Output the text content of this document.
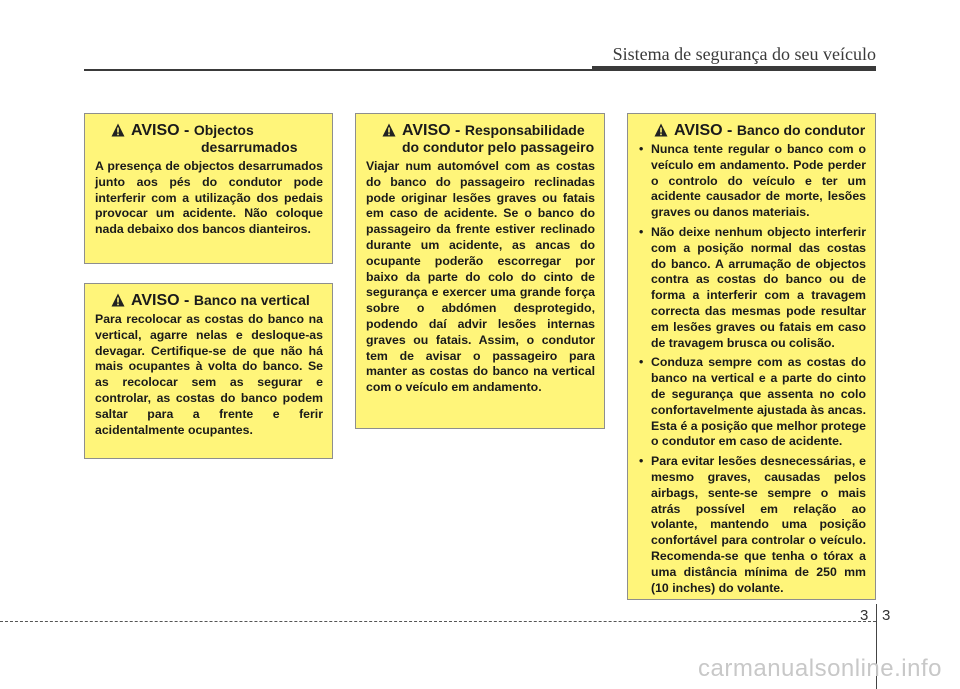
Sistema de segurança do seu veículo
AVISO -
Objectos
desarrumados

A presença de objectos desarrumados junto aos pés do condutor pode interferir com a utilização dos pedais provocar um acidente. Não coloque nada debaixo dos bancos dianteiros.

AVISO -
Banco na vertical

Para recolocar as costas do banco na vertical, agarre nelas e desloque-as devagar. Certifique-se de que não há mais ocupantes à volta do banco. Se as recolocar sem as segurar e controlar, as costas do banco podem saltar para a frente e ferir acidentalmente ocupantes.

AVISO -
Responsabilidade
do condutor pelo passageiro

Viajar num automóvel com as costas do banco do passageiro reclinadas pode originar lesões graves ou fatais em caso de acidente. Se o banco do passageiro da frente estiver reclinado durante um acidente, as ancas do ocupante poderão escorregar por baixo da parte do colo do cinto de segurança e exercer uma grande força sobre o abdómen desprotegido, podendo daí advir lesões internas graves ou fatais. Assim, o condutor tem de avisar o passageiro para manter as costas do banco na vertical com o veículo em andamento.

AVISO -
Banco do condutor
• Nunca tente regular o banco com o veículo em andamento. Pode perder o controlo do veículo e ter um acidente causador de morte, lesões graves ou danos materiais.
• Não deixe nenhum objecto interferir com a posição normal das costas do banco. A arrumação de objectos contra as costas do banco ou de forma a interferir com a travagem correcta das mesmas pode resultar em lesões graves ou fatais em caso de travagem brusca ou colisão.
• Conduza sempre com as costas do banco na vertical e a parte do cinto de segurança que assenta no colo confortavelmente ajustada às ancas. Esta é a posição que melhor protege o condutor em caso de acidente.
• Para evitar lesões desnecessárias, e mesmo graves, causadas pelos airbags, sente-se sempre o mais atrás possível em relação ao volante, mantendo uma posição confortável para controlar o veículo. Recomenda-se que tenha o tórax a uma distância mínima de 250 mm (10 inches) do volante.
3 3
carmanualsonline.info
